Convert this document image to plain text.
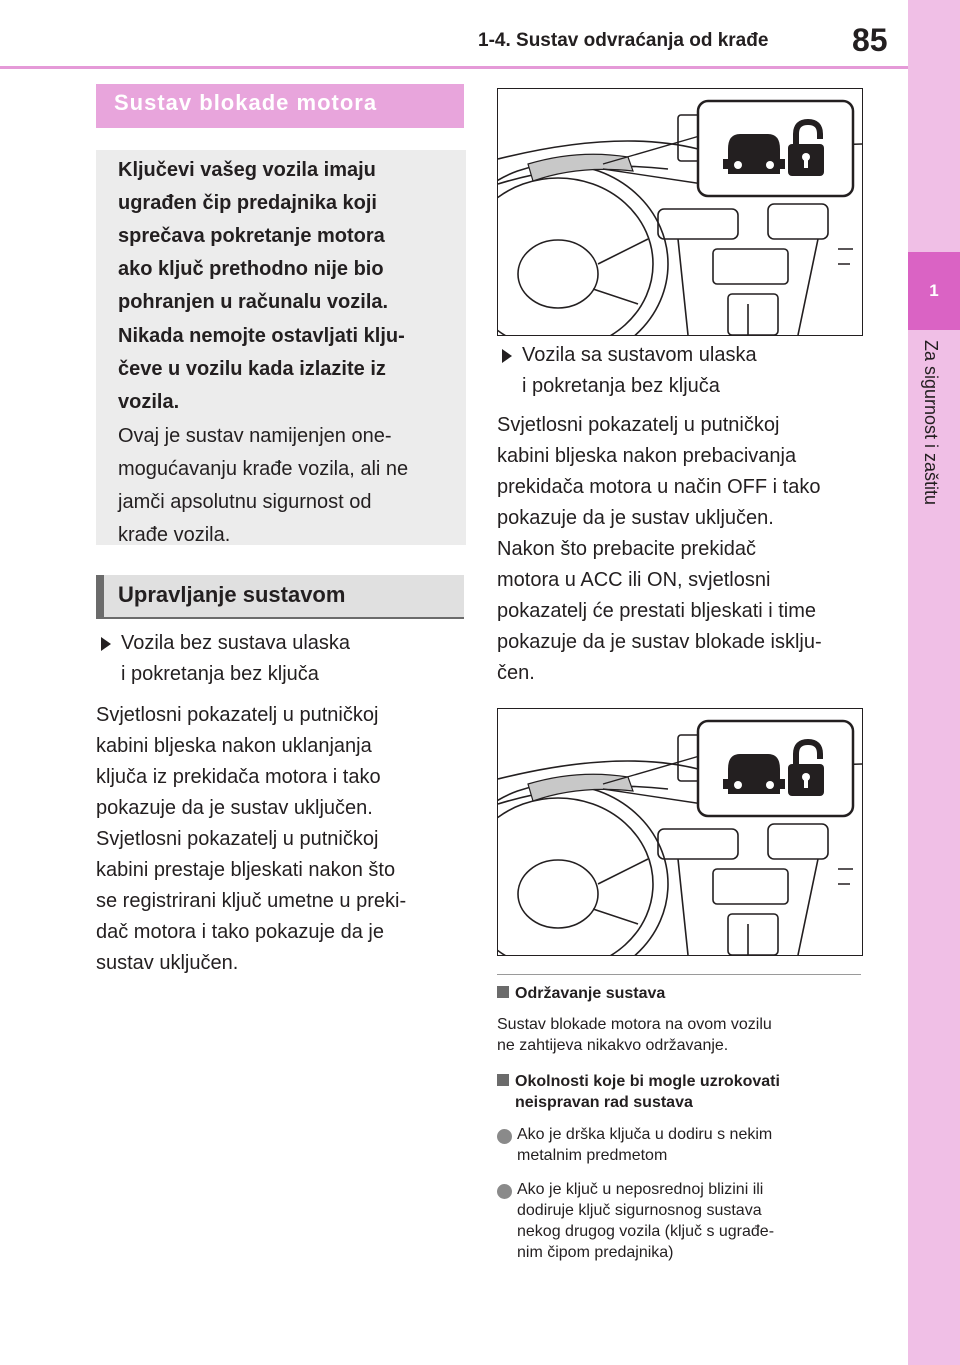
1-4. Sustav odvraćanja od krađe	85
1
Za sigurnost i zaštitu
Sustav blokade motora

Ključevi vašeg vozila imaju

ugrađen čip predajnika koji

sprečava pokretanje motora

ako ključ prethodno nije bio

pohranjen u računalu vozila.

Nikada nemojte ostavljati klju-

čeve u vozilu kada izlazite iz

vozila.

Ovaj je sustav namijenjen one-

mogućavanju krađe vozila, ali ne

jamči apsolutnu sigurnost od

krađe vozila.

Upravljanje sustavom
Vozila bez sustava ulaska
i pokretanja bez ključa
Svjetlosni pokazatelj u putničkoj
kabini bljeska nakon uklanjanja
ključa iz prekidača motora i tako
pokazuje da je sustav uključen.
Svjetlosni pokazatelj u putničkoj
kabini prestaje bljeskati nakon što
se registrirani ključ umetne u preki-
dač motora i tako pokazuje da je
sustav uključen.
Vozila sa sustavom ulaska
i pokretanja bez ključa
Svjetlosni pokazatelj u putničkoj
kabini bljeska nakon prebacivanja
prekidača motora u način OFF i tako
pokazuje da je sustav uključen.
Nakon što prebacite prekidač
motora u ACC ili ON, svjetlosni
pokazatelj će prestati bljeskati i time
pokazuje da je sustav blokade isklju-
čen.
Održavanje sustava
Sustav blokade motora na ovom vozilu
ne zahtijeva nikakvo održavanje.
Okolnosti koje bi mogle uzrokovati
neispravan rad sustava
Ako je drška ključa u dodiru s nekim
metalnim predmetom
Ako je ključ u neposrednoj blizini ili
dodiruje ključ sigurnosnog sustava
nekog drugog vozila (ključ s ugrađe-
nim čipom predajnika)
